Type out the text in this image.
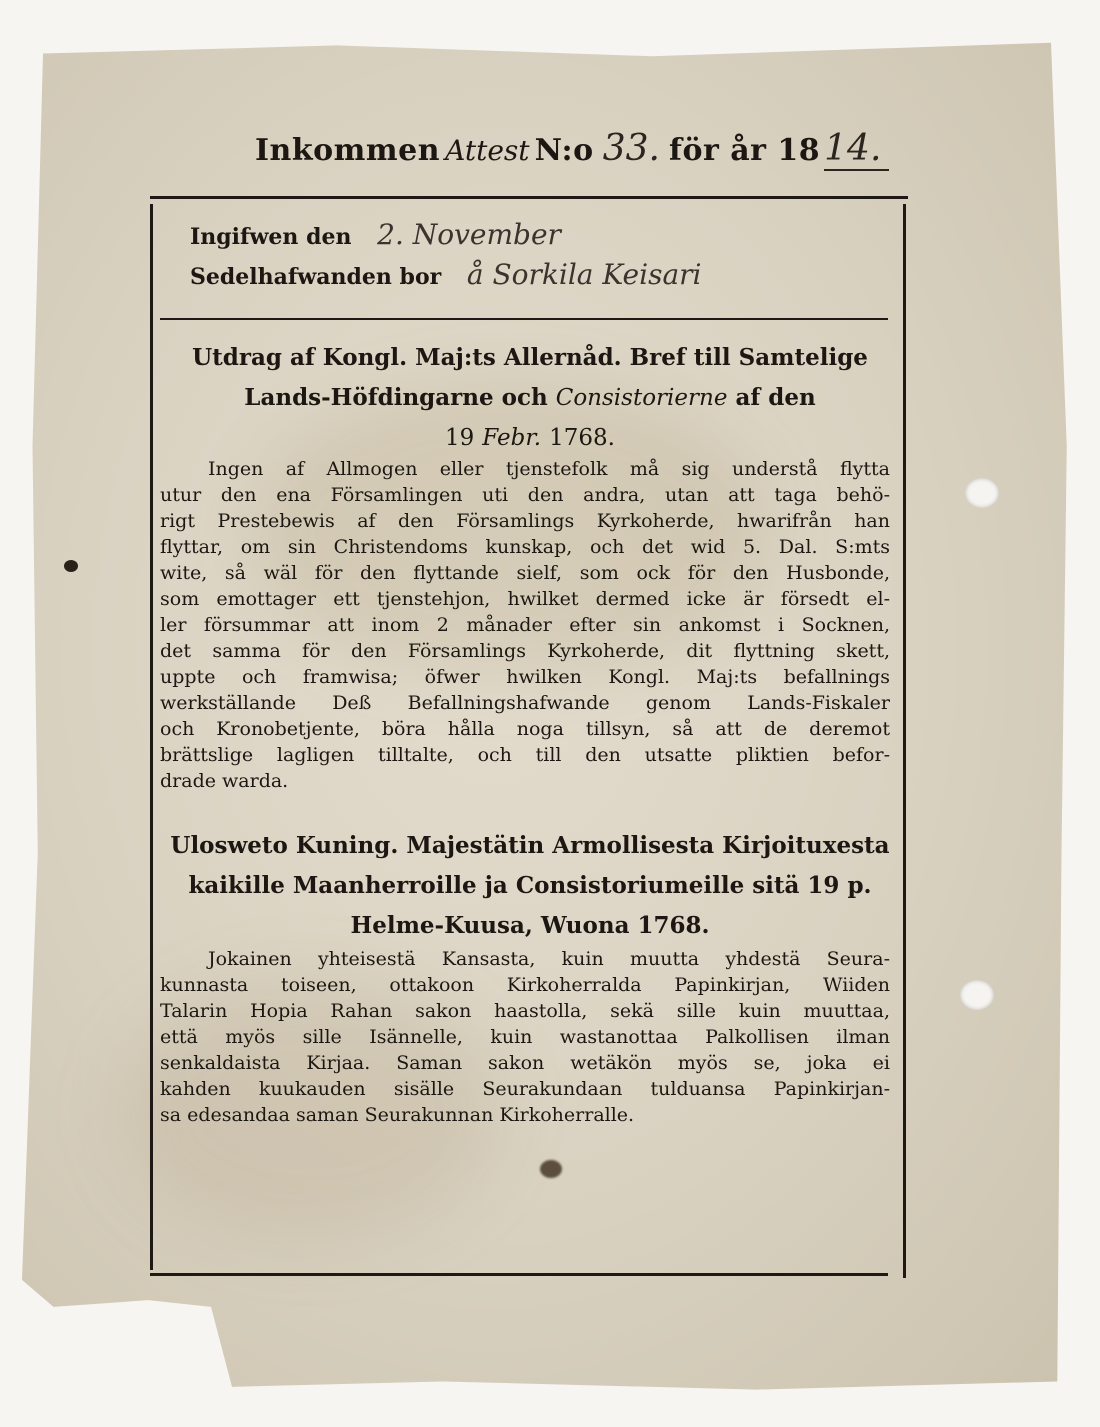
Inkommen Attest N:o 33. för år 18 14.
Ingifwen den 2. November
Sedelhafwanden bor å Sorkila Keisari
Utdrag af Kongl. Maj:ts Allernåd. Bref till Samtelige
Lands-Höfdingarne och Consistorierne af den
19 Febr. 1768.
Ingen af Allmogen eller tjenstefolk må sig understå flytta
utur den ena Församlingen uti den andra, utan att taga behö-
rigt Prestebewis af den Församlings Kyrkoherde, hwarifrån han
flyttar, om sin Christendoms kunskap, och det wid 5. Dal. S:mts
wite, så wäl för den flyttande sielf, som ock för den Husbonde,
som emottager ett tjenstehjon, hwilket dermed icke är försedt el-
ler försummar att inom 2 månader efter sin ankomst i Socknen,
det samma för den Församlings Kyrkoherde, dit flyttning skett,
uppte och framwisa; öfwer hwilken Kongl. Maj:ts befallnings
werkställande Deß Befallningshafwande genom Lands-Fiskaler
och Kronobetjente, böra hålla noga tillsyn, så att de deremot
brättslige lagligen tilltalte, och till den utsatte pliktien befor-
drade warda.
Ulosweto Kuning. Majestätin Armollisesta Kirjoituxesta
kaikille Maanherroille ja Consistoriumeille sitä 19 p.
Helme-Kuusa, Wuona 1768.
Jokainen yhteisestä Kansasta, kuin muutta yhdestä Seura-
kunnasta toiseen, ottakoon Kirkoherralda Papinkirjan, Wiiden
Talarin Hopia Rahan sakon haastolla, sekä sille kuin muuttaa,
että myös sille Isännelle, kuin wastanottaa Palkollisen ilman
senkaldaista Kirjaa. Saman sakon wetäkön myös se, joka ei
kahden kuukauden sisälle Seurakundaan tulduansa Papinkirjan-
sa edesandaa saman Seurakunnan Kirkoherralle.
